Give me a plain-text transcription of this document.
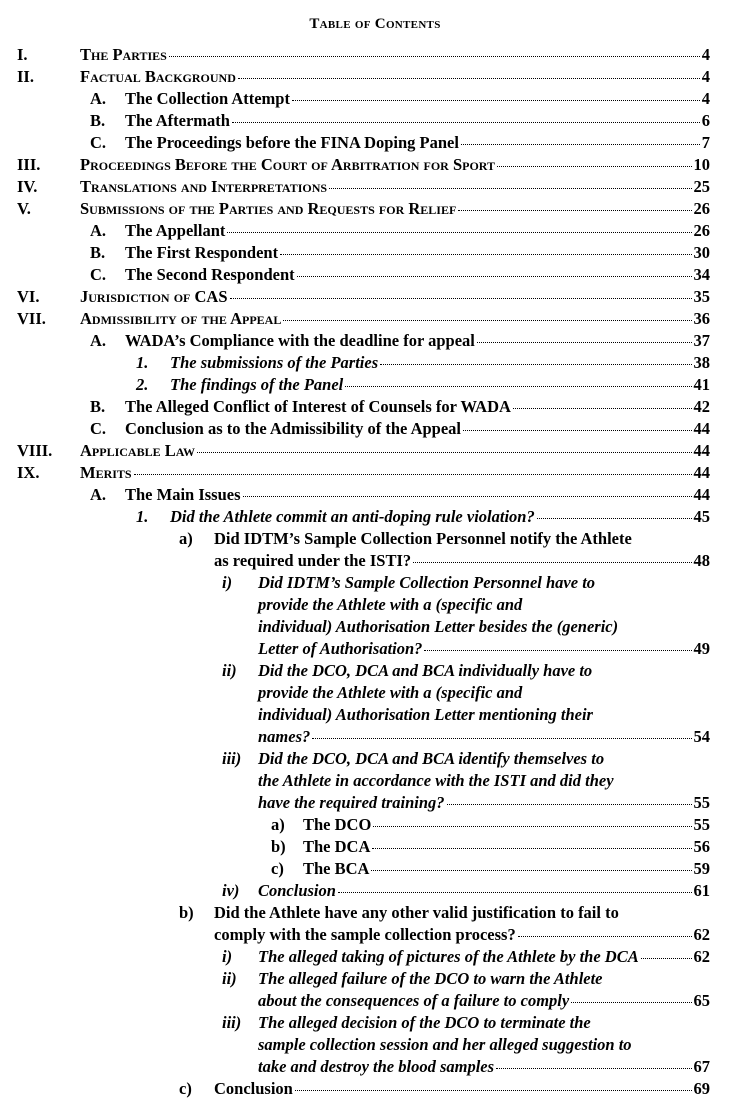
Table of Contents
I.	The Parties	4
II.	Factual Background	4
A. The Collection Attempt	4
B. The Aftermath	6
C. The Proceedings before the FINA Doping Panel	7
III. Proceedings Before the Court of Arbitration for Sport	10
IV.	Translations and Interpretations	25
V.	Submissions of the Parties and Requests for Relief	26
A. The Appellant	26
B. The First Respondent	30
C. The Second Respondent	34
VI. Jurisdiction of CAS	35
VII. Admissibility of the Appeal	36
A. WADA’s Compliance with the deadline for appeal	37
1. The submissions of the Parties	38
2. The findings of the Panel	41
B. The Alleged Conflict of Interest of Counsels for WADA	42
C. Conclusion as to the Admissibility of the Appeal	44
VIII. Applicable Law	44
IX. Merits	44
A. The Main Issues	44
1. Did the Athlete commit an anti-doping rule violation?	45
a) Did IDTM’s Sample Collection Personnel notify the Athlete
as required under the ISTI?	48
i) Did IDTM’s Sample Collection Personnel have to
provide the Athlete with a (specific and
individual) Authorisation Letter besides the (generic)
Letter of Authorisation?	49
ii) Did the DCO, DCA and BCA individually have to
provide the Athlete with a (specific and
individual) Authorisation Letter mentioning their
names?	54
iii) Did the DCO, DCA and BCA identify themselves to
the Athlete in accordance with the ISTI and did they
have the required training?	55
a) The DCO	55
b) The DCA	56
c) The BCA	59
iv) Conclusion	61
b) Did the Athlete have any other valid justification to fail to
comply with the sample collection process?	62
i) The alleged taking of pictures of the Athlete by the DCA	62
ii) The alleged failure of the DCO to warn the Athlete
about the consequences of a failure to comply	65
iii) The alleged decision of the DCO to terminate the
sample collection session and her alleged suggestion to
take and destroy the blood samples	67
c) Conclusion	69
